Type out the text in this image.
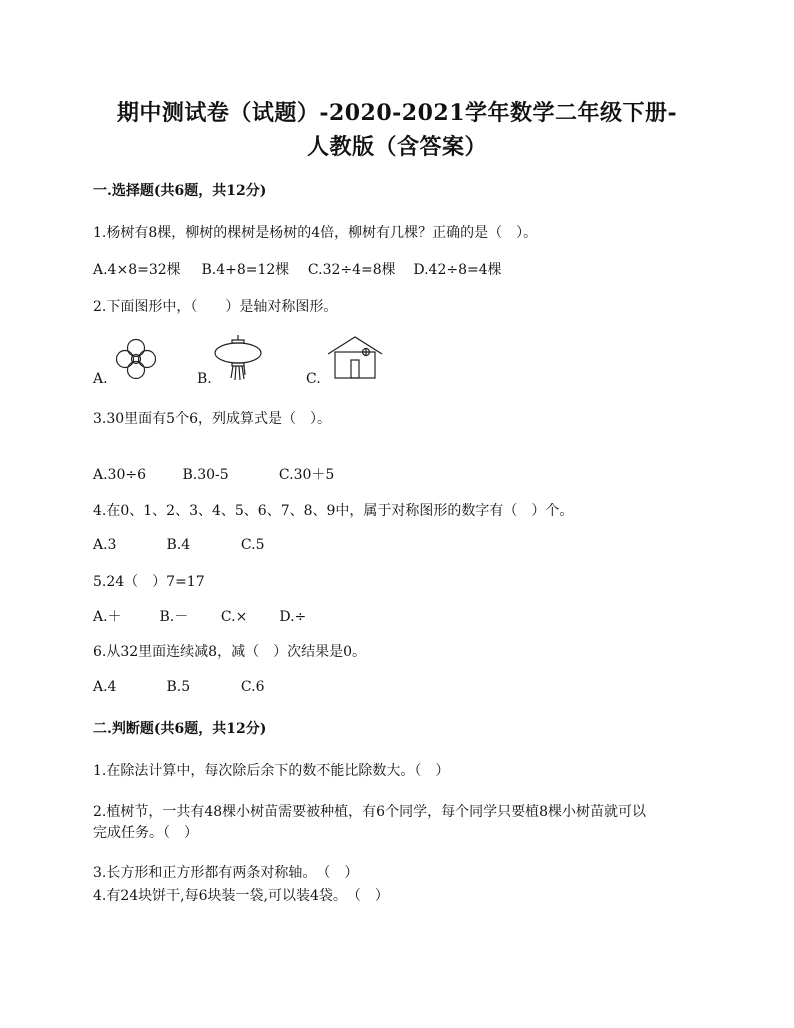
期中测试卷（试题）-2020-2021学年数学二年级下册-
人教版（含答案）
一.选择题(共6题，共12分)
1.杨树有8棵，柳树的棵树是杨树的4倍，柳树有几棵？正确的是（　）。
A.4×8=32棵 B.4+8=12棵 C.32÷4=8棵 D.42÷8=4棵
2.下面图形中，（　　）是轴对称图形。
A.	B.	C.
3.30里面有5个6，列成算式是（　）。
A.30÷6	B.30-5	C.30＋5
4.在0、1、2、3、4、5、6、7、8、9中，属于对称图形的数字有（　）个。
A.3	B.4	C.5
5.24（　）7=17
A.＋	B.－ C.× D.÷
6.从32里面连续减8，减（　）次结果是0。
A.4	B.5	C.6
二.判断题(共6题，共12分)
1.在除法计算中，每次除后余下的数不能比除数大。（　）
2.植树节，一共有48棵小树苗需要被种植，有6个同学，每个同学只要植8棵小树苗就可以
完成任务。（　）
3.长方形和正方形都有两条对称轴。　（　）
4.有24块饼干,每6块装一袋,可以装4袋。　（　）
